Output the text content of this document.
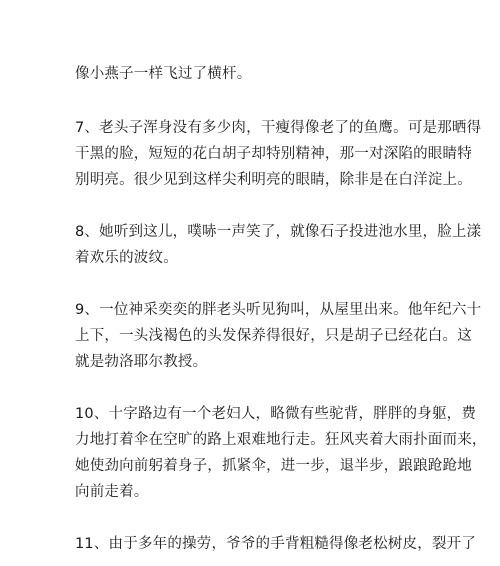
像小燕子一样飞过了横杆。
7、老头子浑身没有多少肉，干瘦得像老了的鱼鹰。可是那晒得
干黑的脸，短短的花白胡子却特别精神，那一对深陷的眼睛特
别明亮。很少见到这样尖利明亮的眼睛，除非是在白洋淀上。
8、她听到这儿，噗哧一声笑了，就像石子投进池水里，脸上漾
着欢乐的波纹。
9、一位神采奕奕的胖老头听见狗叫，从屋里出来。他年纪六十
上下，一头浅褐色的头发保养得很好，只是胡子已经花白。这
就是勃洛耶尔教授。
10、十字路边有一个老妇人，略微有些驼背，胖胖的身躯，费
力地打着伞在空旷的路上艰难地行走。狂风夹着大雨扑面而来，
她使劲向前躬着身子，抓紧伞，进一步，退半步，踉踉跄跄地
向前走着。
11、由于多年的操劳，爷爷的手背粗糙得像老松树皮，裂开了
